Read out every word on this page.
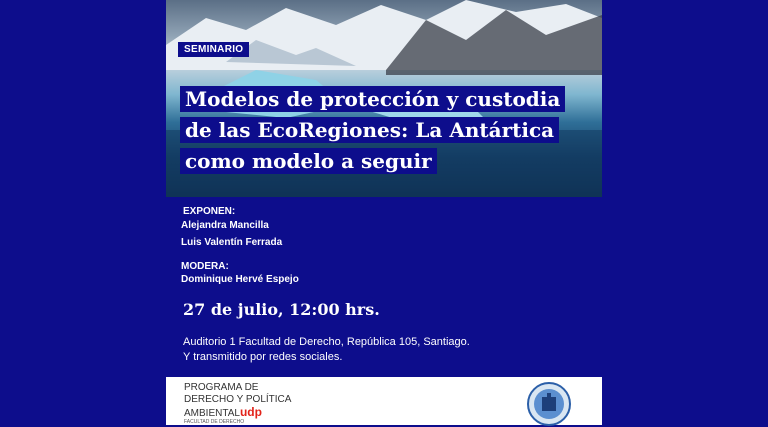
SEMINARIO
Modelos de protección y custodia
de las EcoRegiones: La Antártica
como modelo a seguir
EXPONEN:
Alejandra Mancilla
Luis Valentín Ferrada
MODERA:
Dominique Hervé Espejo
27 de julio, 12:00 hrs.
Auditorio 1 Facultad de Derecho, República 105, Santiago.
Y transmitido por redes sociales.
PROGRAMA DE
DERECHO Y POLÍTICA
AMBIENTALudp
FACULTAD DE DERECHO
